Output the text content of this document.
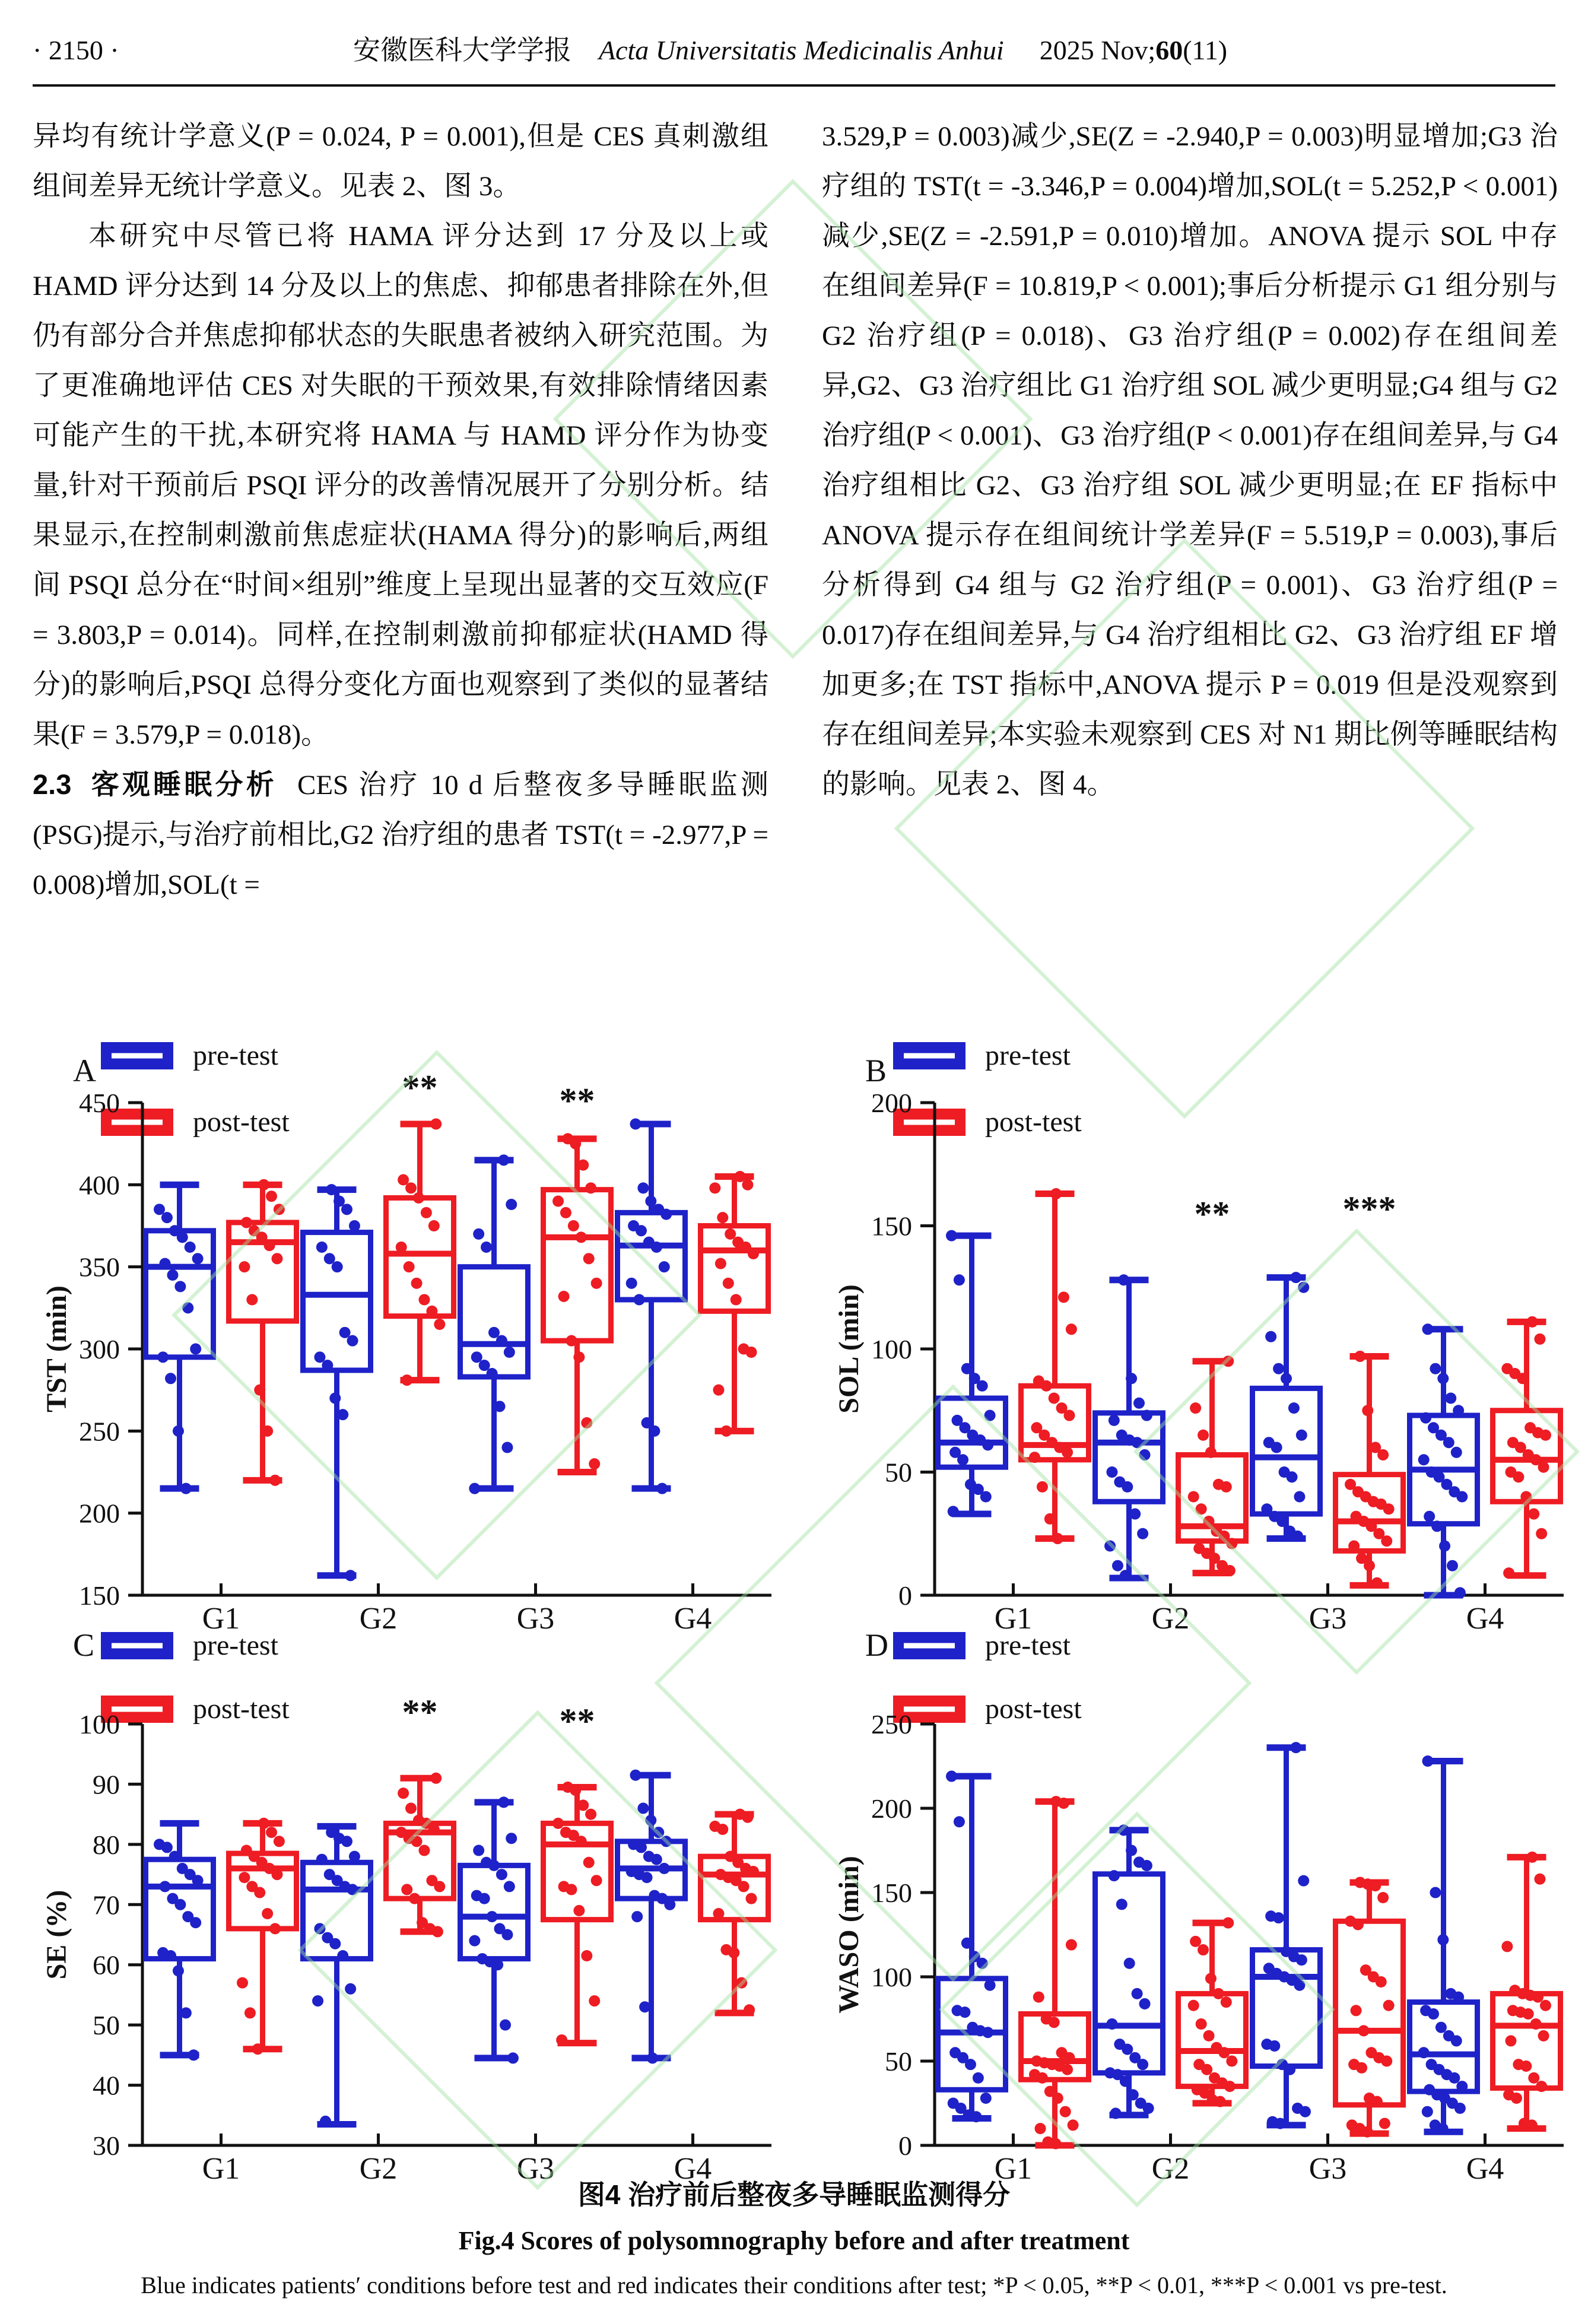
· 2150 ·	安徽医科大学学报 Acta Universitatis Medicinalis Anhui 2025 Nov;60(11)

异均有统计学意义(P = 0.024, P = 0.001),但是 CES 真刺激组组间差异无统计学意义。见表 2、图 3。

本研究中尽管已将 HAMA 评分达到 17 分及以上或 HAMD 评分达到 14 分及以上的焦虑、抑郁患者排除在外,但仍有部分合并焦虑抑郁状态的失眠患者被纳入研究范围。为了更准确地评估 CES 对失眠的干预效果,有效排除情绪因素可能产生的干扰,本研究将 HAMA 与 HAMD 评分作为协变量,针对干预前后 PSQI 评分的改善情况展开了分别分析。结果显示,在控制刺激前焦虑症状(HAMA 得分)的影响后,两组间 PSQI 总分在“时间×组别”维度上呈现出显著的交互效应(F = 3.803,P = 0.014)。同样,在控制刺激前抑郁症状(HAMD 得分)的影响后,PSQI 总得分变化方面也观察到了类似的显著结果(F = 3.579,P = 0.018)。

2.3 客观睡眠分析 CES 治疗 10 d 后整夜多导睡眠监测(PSG)提示,与治疗前相比,G2 治疗组的患者 TST(t = -2.977,P = 0.008)增加,SOL(t =

3.529,P = 0.003)减少,SE(Z = -2.940,P = 0.003)明显增加;G3 治疗组的 TST(t = -3.346,P = 0.004)增加,SOL(t = 5.252,P < 0.001)减少,SE(Z = -2.591,P = 0.010)增加。ANOVA 提示 SOL 中存在组间差异(F = 10.819,P < 0.001);事后分析提示 G1 组分别与 G2 治疗组(P = 0.018)、G3 治疗组(P = 0.002)存在组间差异,G2、G3 治疗组比 G1 治疗组 SOL 减少更明显;G4 组与 G2 治疗组(P < 0.001)、G3 治疗组(P < 0.001)存在组间差异,与 G4 治疗组相比 G2、G3 治疗组 SOL 减少更明显;在 EF 指标中 ANOVA 提示存在组间统计学差异(F = 5.519,P = 0.003),事后分析得到 G4 组与 G2 治疗组(P = 0.001)、G3 治疗组(P = 0.017)存在组间差异,与 G4 治疗组相比 G2、G3 治疗组 EF 增加更多;在 TST 指标中,ANOVA 提示 P = 0.019 但是没观察到存在组间差异;本实验未观察到 CES 对 N1 期比例等睡眠结构的影响。见表 2、图 4。

A	pre-test
post-test
150
200
250
300
350
400
450
G1	G2	G3	G4
TST (min)
**	**
B	pre-test
post-test
0
50
100
150
200
G1	G2	G3	G4
SOL (min)
**	***
C	pre-test
post-test
30
40
50
60
70
80
90
100
G1	G2	G3	G4
SE (%)
**	**
D	pre-test
post-test
0
50
100
150
200
250
G1	G2	G3	G4
WASO (min)

图4 治疗前后整夜多导睡眠监测得分

Fig.4 Scores of polysomnography before and after treatment

Blue indicates patients′ conditions before test and red indicates their conditions after test; *P < 0.05, **P < 0.01, ***P < 0.001 vs pre-test.
